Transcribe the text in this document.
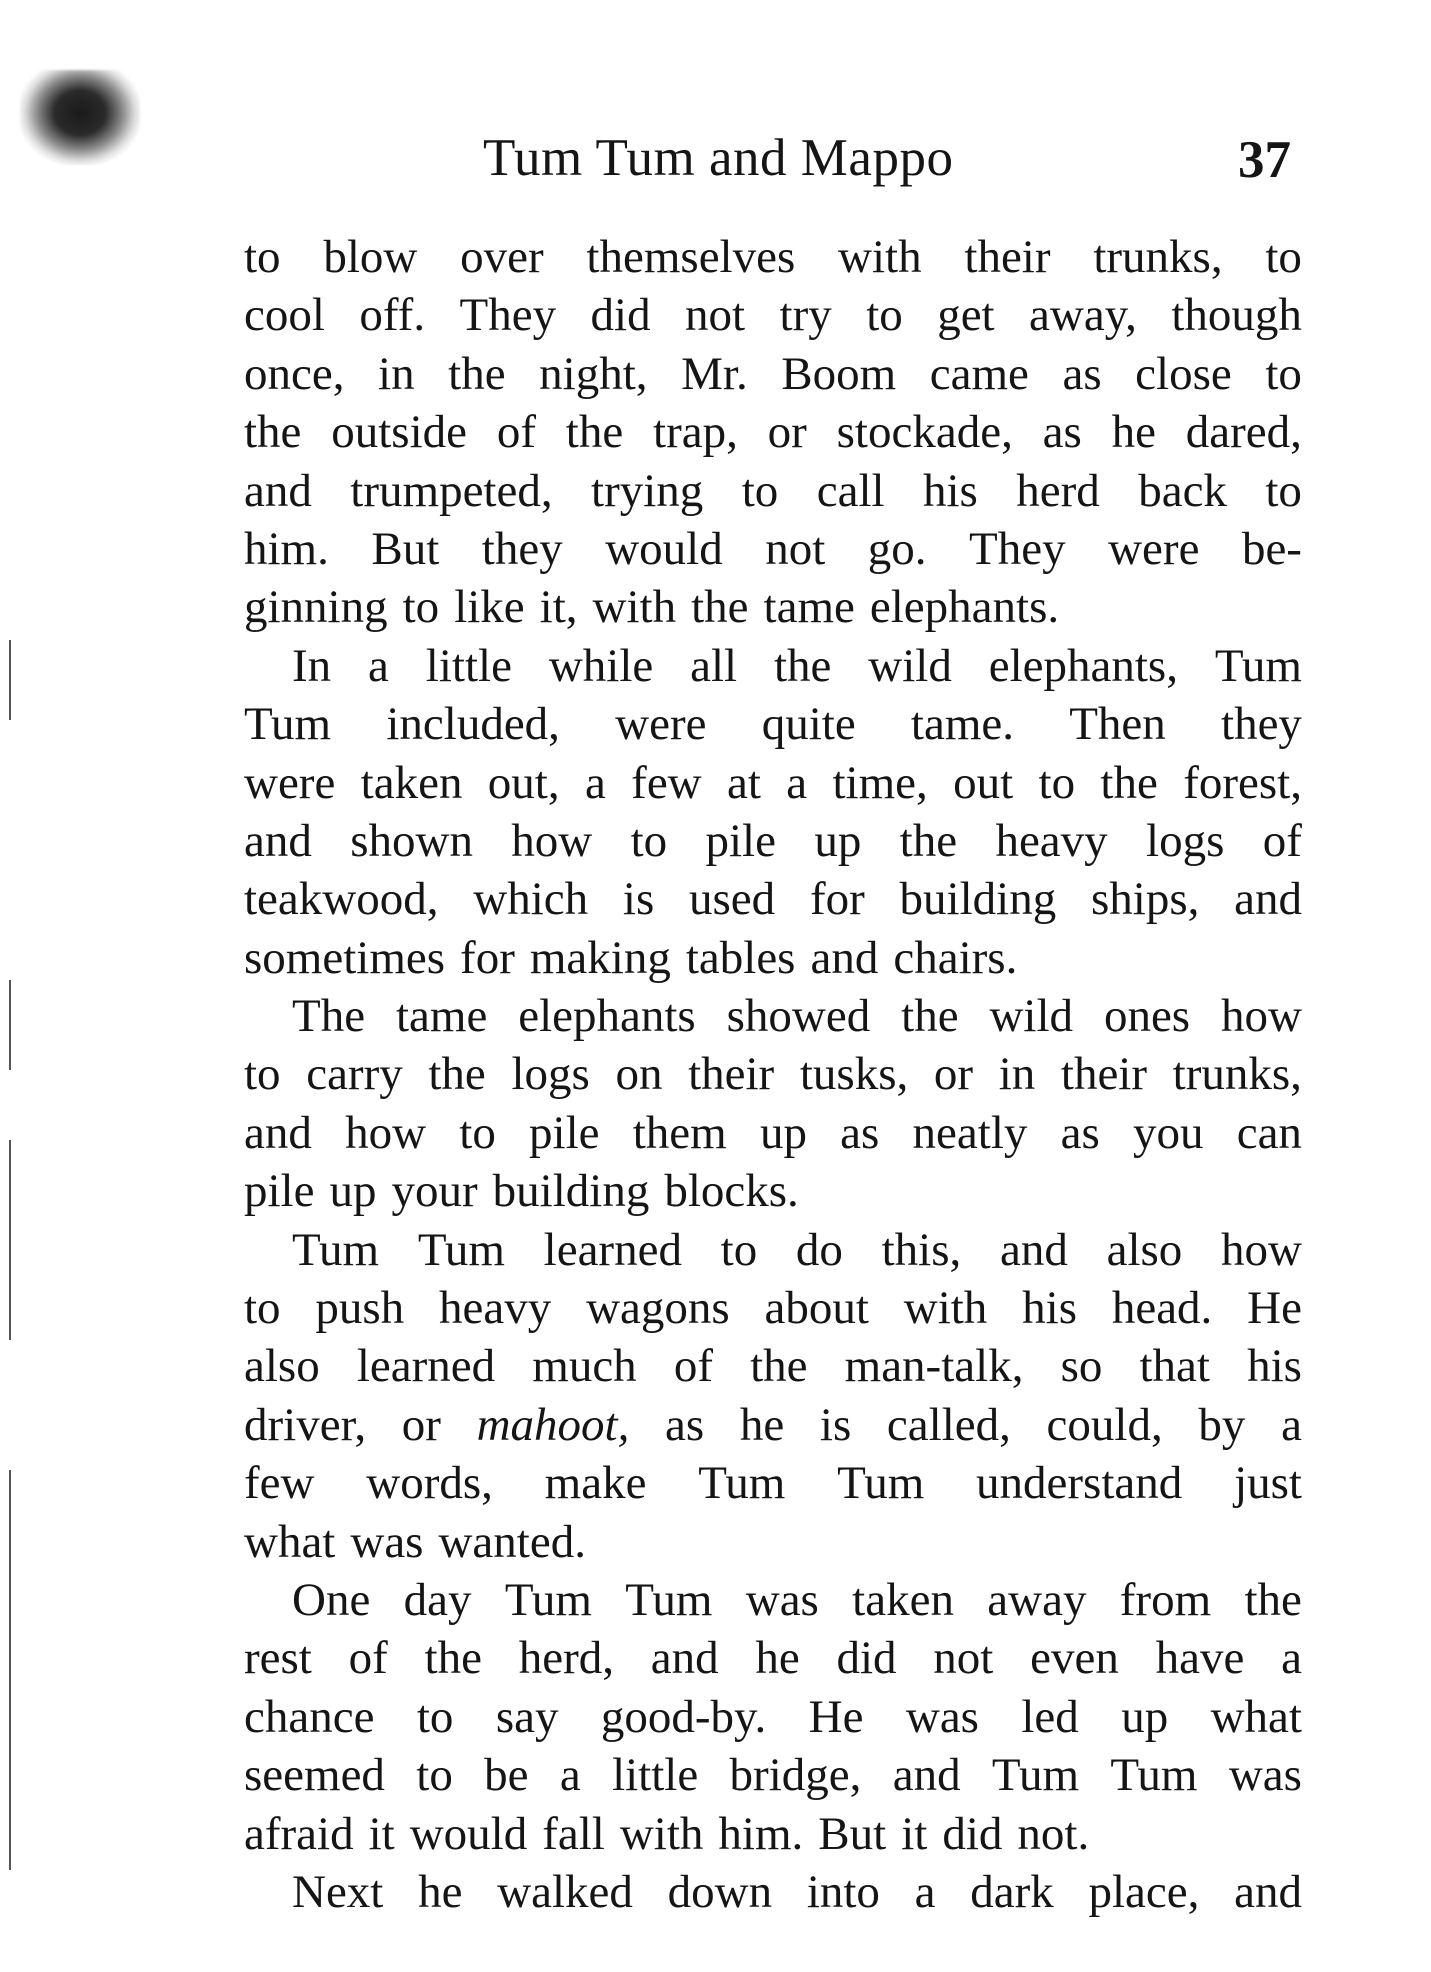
Tum Tum and Mappo	37
to blow over themselves with their trunks, to
cool off. They did not try to get away, though
once, in the night, Mr. Boom came as close to
the outside of the trap, or stockade, as he dared,
and trumpeted, trying to call his herd back to
him. But they would not go. They were be-
ginning to like it, with the tame elephants.
In a little while all the wild elephants, Tum
Tum included, were quite tame. Then they
were taken out, a few at a time, out to the forest,
and shown how to pile up the heavy logs of
teakwood, which is used for building ships, and
sometimes for making tables and chairs.
The tame elephants showed the wild ones how
to carry the logs on their tusks, or in their trunks,
and how to pile them up as neatly as you can
pile up your building blocks.
Tum Tum learned to do this, and also how
to push heavy wagons about with his head. He
also learned much of the man-talk, so that his
driver, or mahoot, as he is called, could, by a
few words, make Tum Tum understand just
what was wanted.
One day Tum Tum was taken away from the
rest of the herd, and he did not even have a
chance to say good-by. He was led up what
seemed to be a little bridge, and Tum Tum was
afraid it would fall with him. But it did not.
Next he walked down into a dark place, and
